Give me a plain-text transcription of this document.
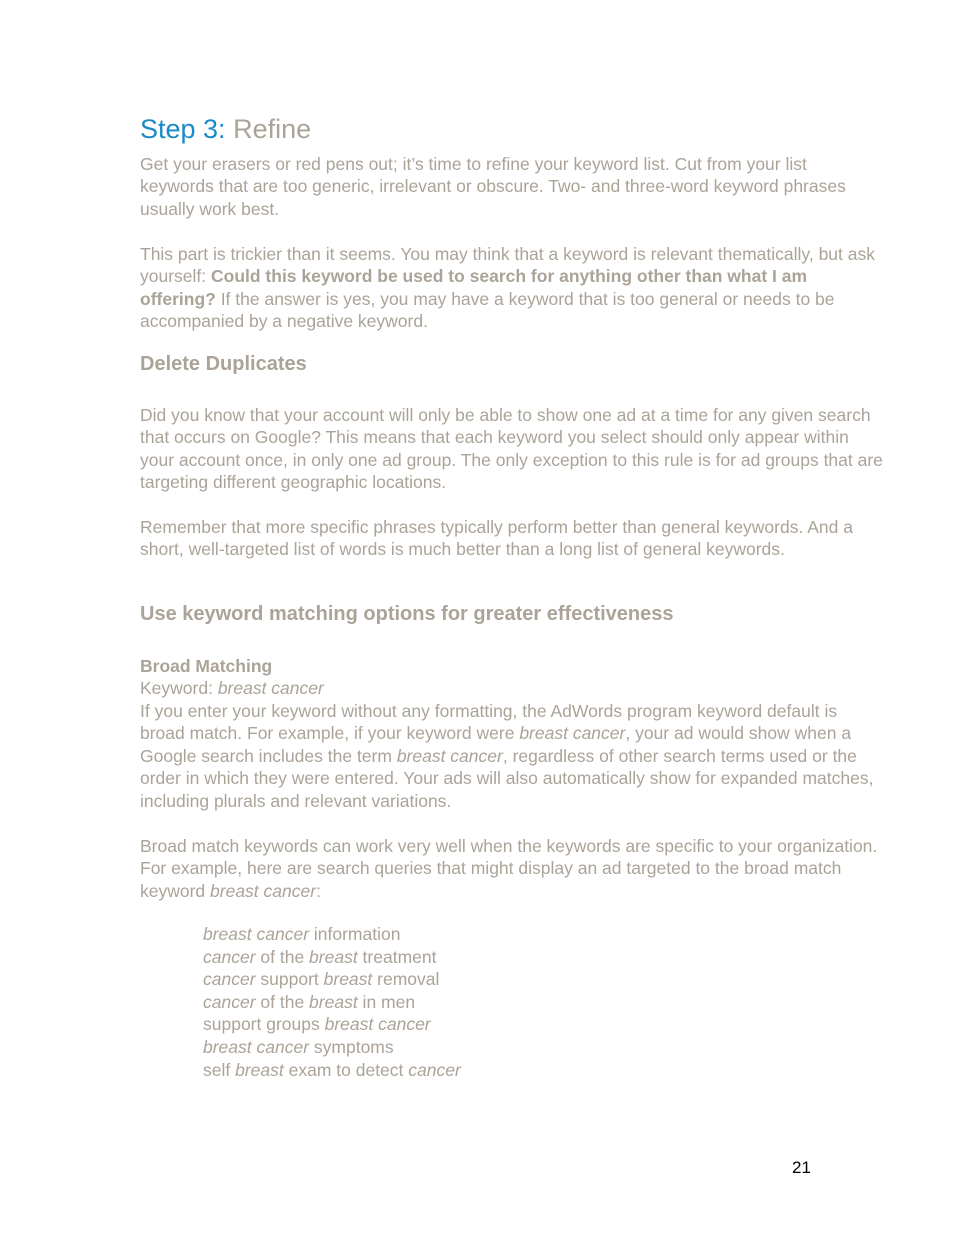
Step 3: Refine

Get your erasers or red pens out; it’s time to refine your keyword list. Cut from your list keywords that are too generic, irrelevant or obscure. Two- and three-word keyword phrases usually work best.

This part is trickier than it seems. You may think that a keyword is relevant thematically, but ask yourself: Could this keyword be used to search for anything other than what I am offering? If the answer is yes, you may have a keyword that is too general or needs to be accompanied by a negative keyword.

Delete Duplicates

Did you know that your account will only be able to show one ad at a time for any given search that occurs on Google? This means that each keyword you select should only appear within your account once, in only one ad group. The only exception to this rule is for ad groups that are targeting different geographic locations.

Remember that more specific phrases typically perform better than general keywords. And a short, well-targeted list of words is much better than a long list of general keywords.

Use keyword matching options for greater effectiveness
Broad Matching

Keyword: breast cancer

If you enter your keyword without any formatting, the AdWords program keyword default is broad match. For example, if your keyword were breast cancer, your ad would show when a Google search includes the term breast cancer, regardless of other search terms used or the order in which they were entered. Your ads will also automatically show for expanded matches, including plurals and relevant variations.

Broad match keywords can work very well when the keywords are specific to your organization. For example, here are search queries that might display an ad targeted to the broad match keyword breast cancer:

breast cancer information
cancer of the breast treatment
cancer support breast removal
cancer of the breast in men
support groups breast cancer
breast cancer symptoms
self breast exam to detect cancer
21
